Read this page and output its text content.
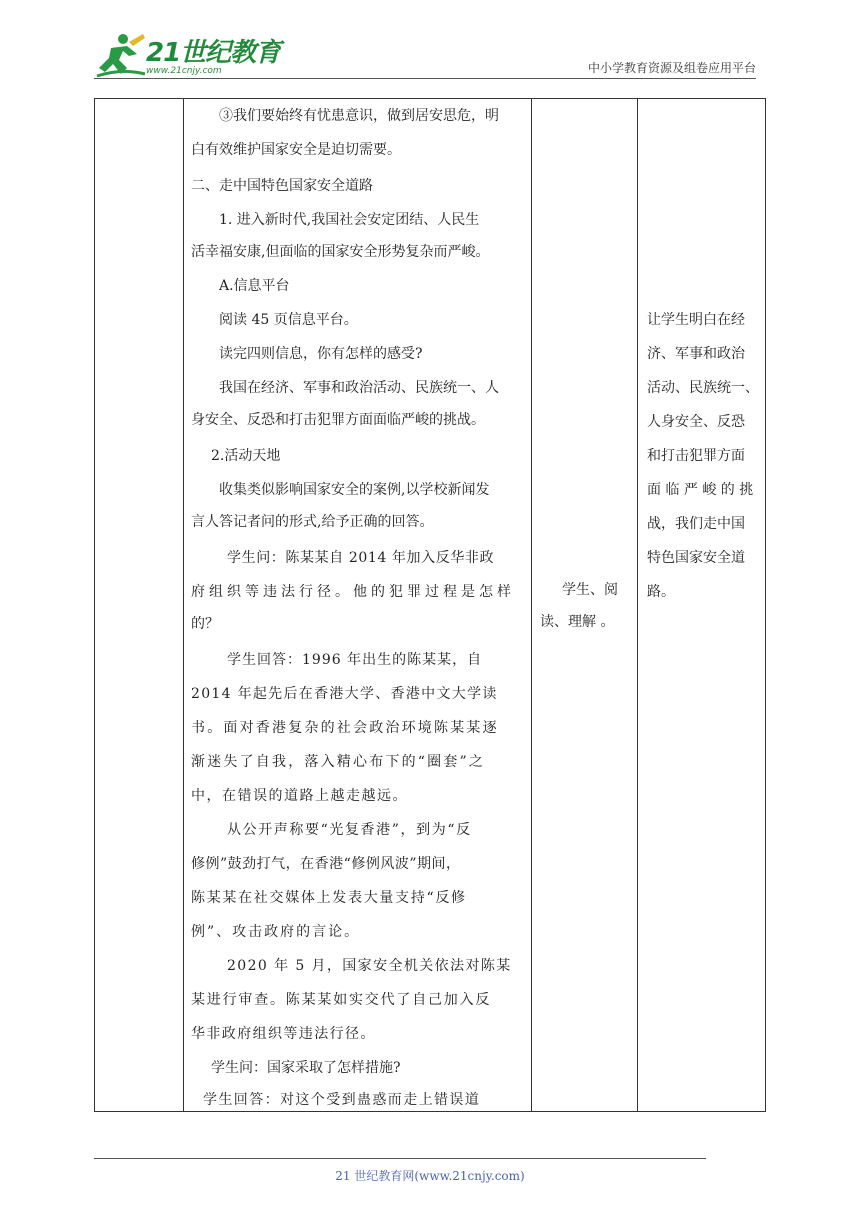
21世纪教育
www.21cnjy.com	中小学教育资源及组卷应用平台
③我们要始终有忧患意识，做到居安思危，明
白有效维护国家安全是迫切需要。
二、走中国特色国家安全道路
1. 进入新时代,我国社会安定团结、人民生
活幸福安康,但面临的国家安全形势复杂而严峻。
A.信息平台
阅读 45 页信息平台。
读完四则信息，你有怎样的感受?
我国在经济、军事和政治活动、民族统一、人
身安全、反恐和打击犯罪方面面临严峻的挑战。
2.活动天地
收集类似影响国家安全的案例,以学校新闻发
言人答记者问的形式,给予正确的回答。
学生问：陈某某自 2014 年加入反华非政
府组织等违法行径。他的犯罪过程是怎样
的？
学生回答：1996 年出生的陈某某，自
2014 年起先后在香港大学、香港中文大学读
书。面对香港复杂的社会政治环境陈某某逐
渐迷失了自我，落入精心布下的“圈套”之
中，在错误的道路上越走越远。
从公开声称要“光复香港”，到为“反
修例”鼓劲打气，在香港“修例风波”期间，
陈某某在社交媒体上发表大量支持“反修
例”、攻击政府的言论。
2020 年 5 月，国家安全机关依法对陈某
某进行审查。陈某某如实交代了自己加入反
华非政府组织等违法行径。
学生问：国家采取了怎样措施?
学生回答：对这个受到蛊惑而走上错误道
学生、阅
读、理解 。
让学生明白在经
济、军事和政治
活动、民族统一、
人身安全、反恐
和打击犯罪方面
面 临 严 峻 的 挑
战，我们走中国
特色国家安全道
路。
21 世纪教育网(www.21cnjy.com)
